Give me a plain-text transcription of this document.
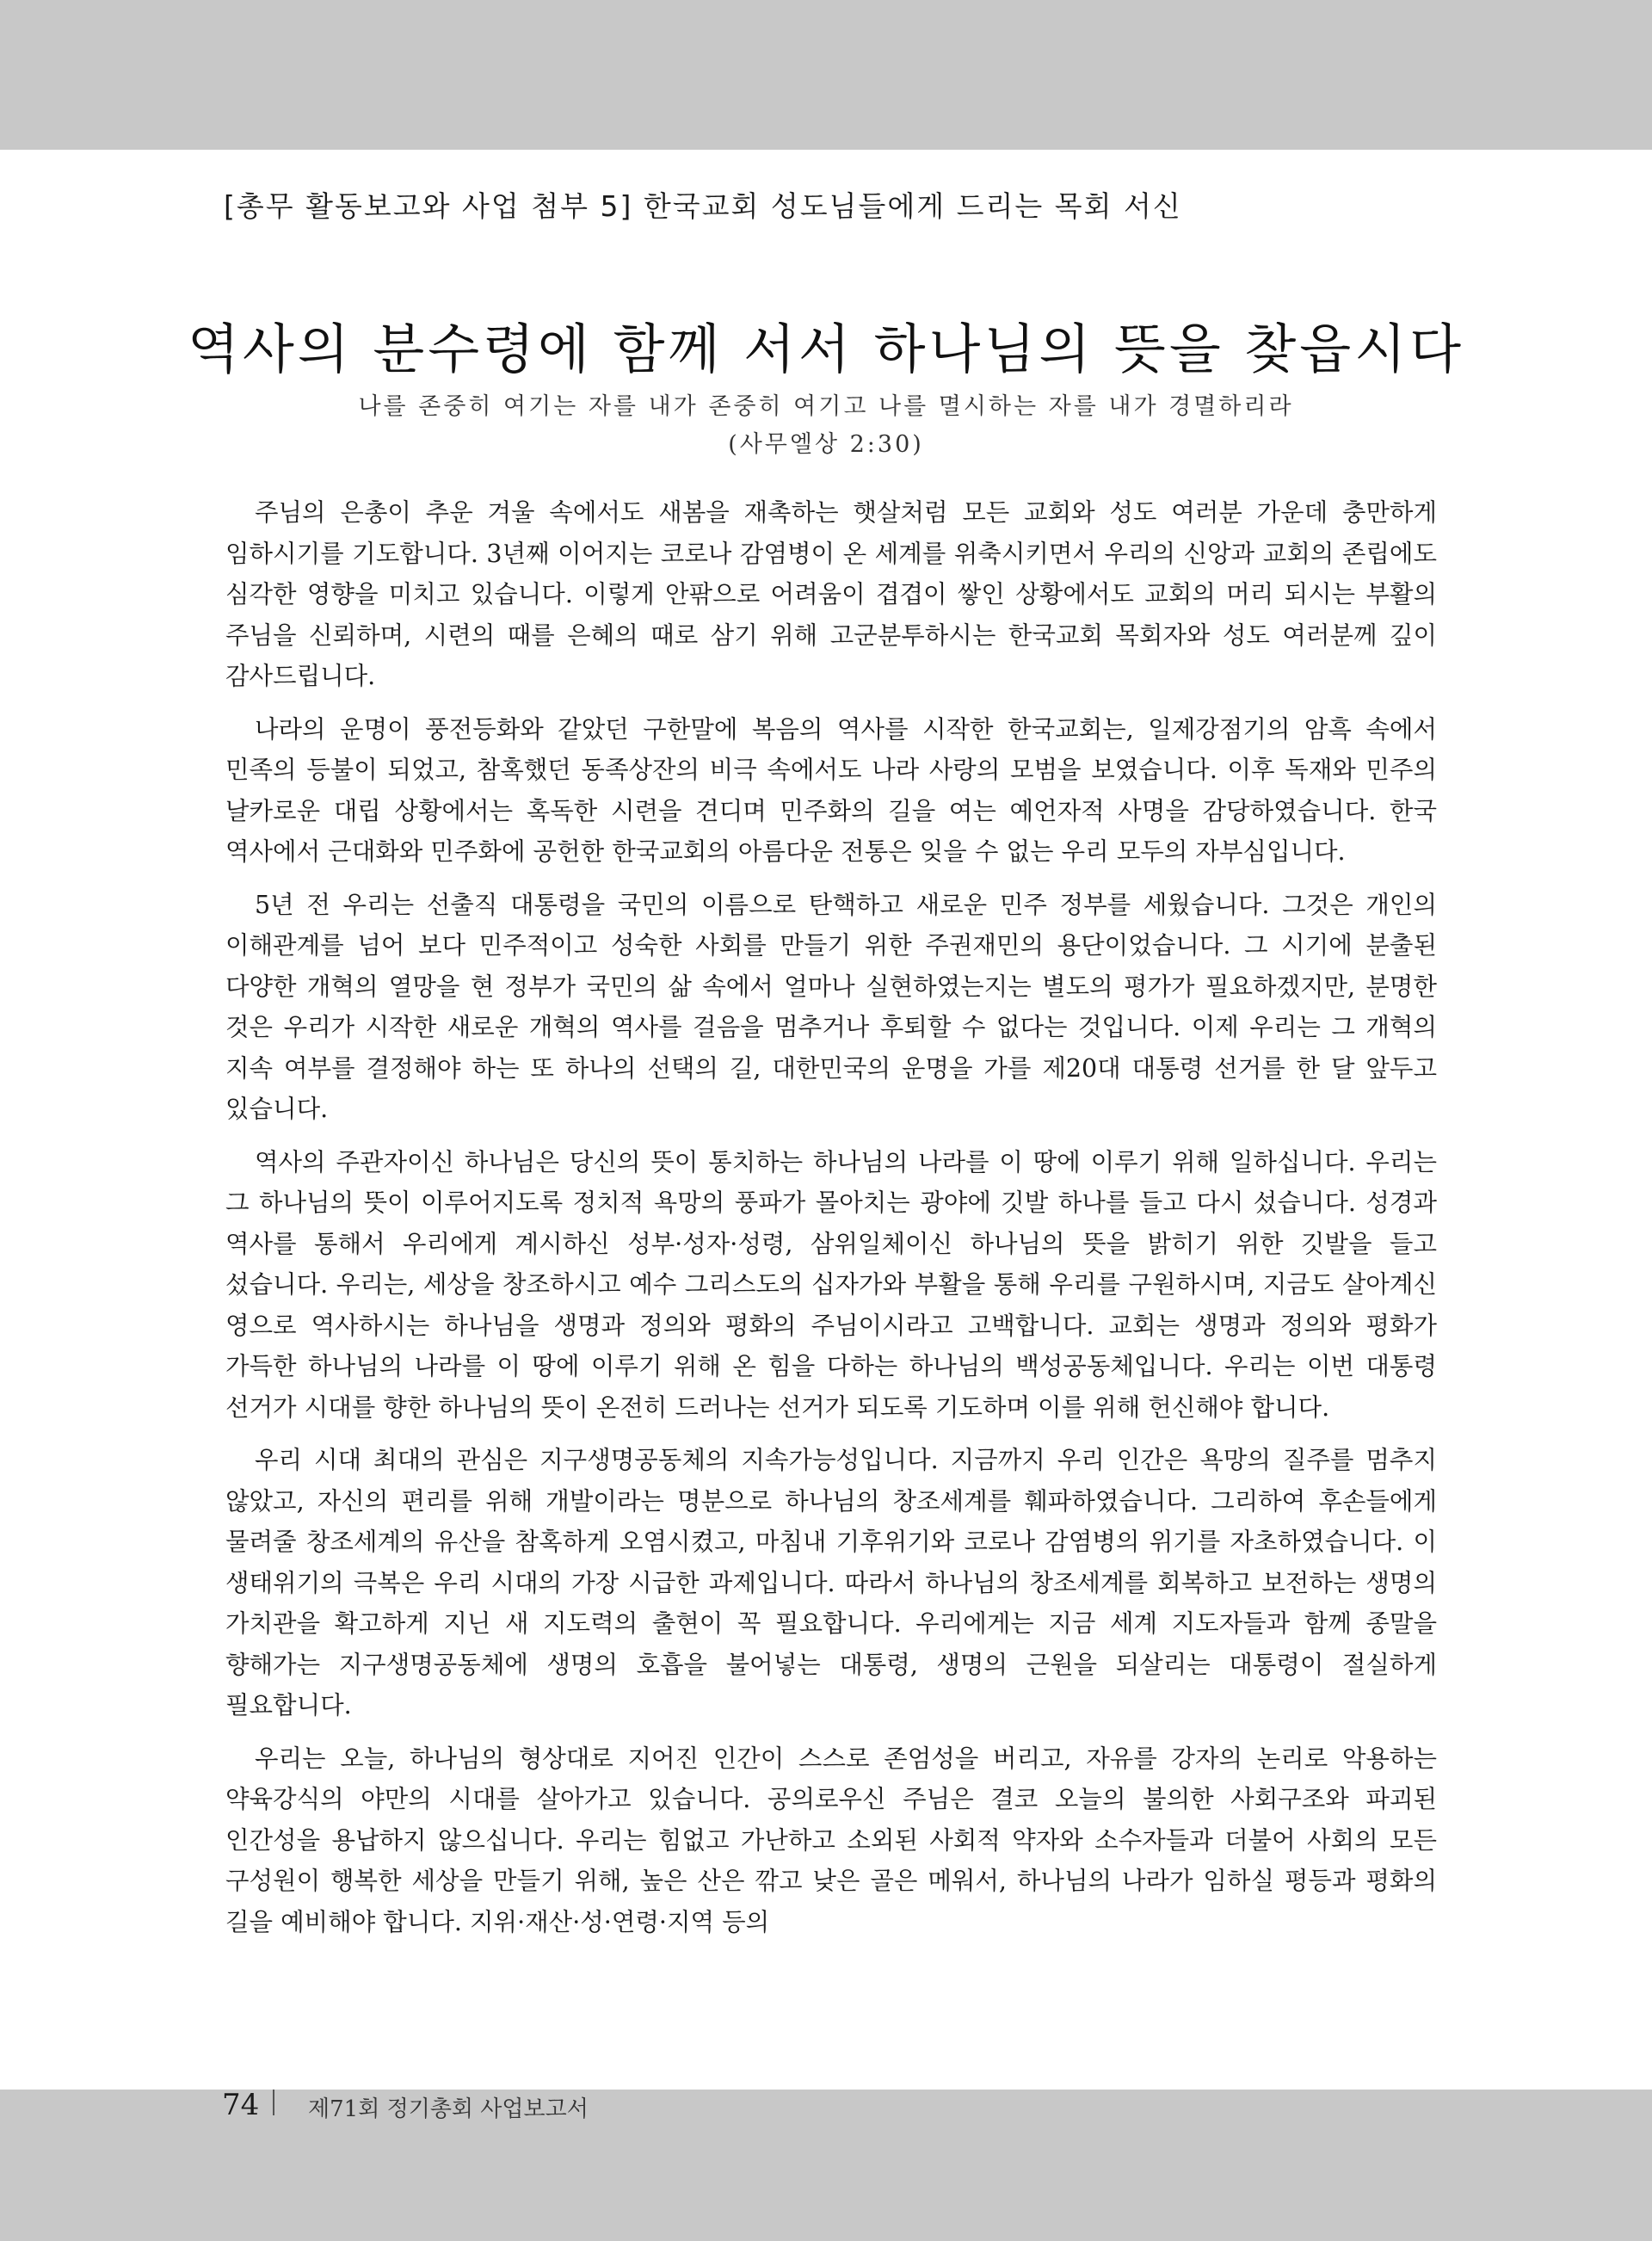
[총무 활동보고와 사업 첨부 5] 한국교회 성도님들에게 드리는 목회 서신
역사의 분수령에 함께 서서 하나님의 뜻을 찾읍시다
나를 존중히 여기는 자를 내가 존중히 여기고 나를 멸시하는 자를 내가 경멸하리라
(사무엘상 2:30)

주님의 은총이 추운 겨울 속에서도 새봄을 재촉하는 햇살처럼 모든 교회와 성도 여러분 가운데 충만하게 임하시기를 기도합니다. 3년째 이어지는 코로나 감염병이 온 세계를 위축시키면서 우리의 신앙과 교회의 존립에도 심각한 영향을 미치고 있습니다. 이렇게 안팎으로 어려움이 겹겹이 쌓인 상황에서도 교회의 머리 되시는 부활의 주님을 신뢰하며, 시련의 때를 은혜의 때로 삼기 위해 고군분투하시는 한국교회 목회자와 성도 여러분께 깊이 감사드립니다.

나라의 운명이 풍전등화와 같았던 구한말에 복음의 역사를 시작한 한국교회는, 일제강점기의 암흑 속에서 민족의 등불이 되었고, 참혹했던 동족상잔의 비극 속에서도 나라 사랑의 모범을 보였습니다. 이후 독재와 민주의 날카로운 대립 상황에서는 혹독한 시련을 견디며 민주화의 길을 여는 예언자적 사명을 감당하였습니다. 한국 역사에서 근대화와 민주화에 공헌한 한국교회의 아름다운 전통은 잊을 수 없는 우리 모두의 자부심입니다.

5년 전 우리는 선출직 대통령을 국민의 이름으로 탄핵하고 새로운 민주 정부를 세웠습니다. 그것은 개인의 이해관계를 넘어 보다 민주적이고 성숙한 사회를 만들기 위한 주권재민의 용단이었습니다. 그 시기에 분출된 다양한 개혁의 열망을 현 정부가 국민의 삶 속에서 얼마나 실현하였는지는 별도의 평가가 필요하겠지만, 분명한 것은 우리가 시작한 새로운 개혁의 역사를 걸음을 멈추거나 후퇴할 수 없다는 것입니다. 이제 우리는 그 개혁의 지속 여부를 결정해야 하는 또 하나의 선택의 길, 대한민국의 운명을 가를 제20대 대통령 선거를 한 달 앞두고 있습니다.

역사의 주관자이신 하나님은 당신의 뜻이 통치하는 하나님의 나라를 이 땅에 이루기 위해 일하십니다. 우리는 그 하나님의 뜻이 이루어지도록 정치적 욕망의 풍파가 몰아치는 광야에 깃발 하나를 들고 다시 섰습니다. 성경과 역사를 통해서 우리에게 계시하신 성부·성자·성령, 삼위일체이신 하나님의 뜻을 밝히기 위한 깃발을 들고 섰습니다. 우리는, 세상을 창조하시고 예수 그리스도의 십자가와 부활을 통해 우리를 구원하시며, 지금도 살아계신 영으로 역사하시는 하나님을 생명과 정의와 평화의 주님이시라고 고백합니다. 교회는 생명과 정의와 평화가 가득한 하나님의 나라를 이 땅에 이루기 위해 온 힘을 다하는 하나님의 백성공동체입니다. 우리는 이번 대통령 선거가 시대를 향한 하나님의 뜻이 온전히 드러나는 선거가 되도록 기도하며 이를 위해 헌신해야 합니다.

우리 시대 최대의 관심은 지구생명공동체의 지속가능성입니다. 지금까지 우리 인간은 욕망의 질주를 멈추지 않았고, 자신의 편리를 위해 개발이라는 명분으로 하나님의 창조세계를 훼파하였습니다. 그리하여 후손들에게 물려줄 창조세계의 유산을 참혹하게 오염시켰고, 마침내 기후위기와 코로나 감염병의 위기를 자초하였습니다. 이 생태위기의 극복은 우리 시대의 가장 시급한 과제입니다. 따라서 하나님의 창조세계를 회복하고 보전하는 생명의 가치관을 확고하게 지닌 새 지도력의 출현이 꼭 필요합니다. 우리에게는 지금 세계 지도자들과 함께 종말을 향해가는 지구생명공동체에 생명의 호흡을 불어넣는 대통령, 생명의 근원을 되살리는 대통령이 절실하게 필요합니다.

우리는 오늘, 하나님의 형상대로 지어진 인간이 스스로 존엄성을 버리고, 자유를 강자의 논리로 악용하는 약육강식의 야만의 시대를 살아가고 있습니다. 공의로우신 주님은 결코 오늘의 불의한 사회구조와 파괴된 인간성을 용납하지 않으십니다. 우리는 힘없고 가난하고 소외된 사회적 약자와 소수자들과 더불어 사회의 모든 구성원이 행복한 세상을 만들기 위해, 높은 산은 깎고 낮은 골은 메워서, 하나님의 나라가 임하실 평등과 평화의 길을 예비해야 합니다. 지위·재산·성·연령·지역 등의

74 제71회 정기총회 사업보고서
